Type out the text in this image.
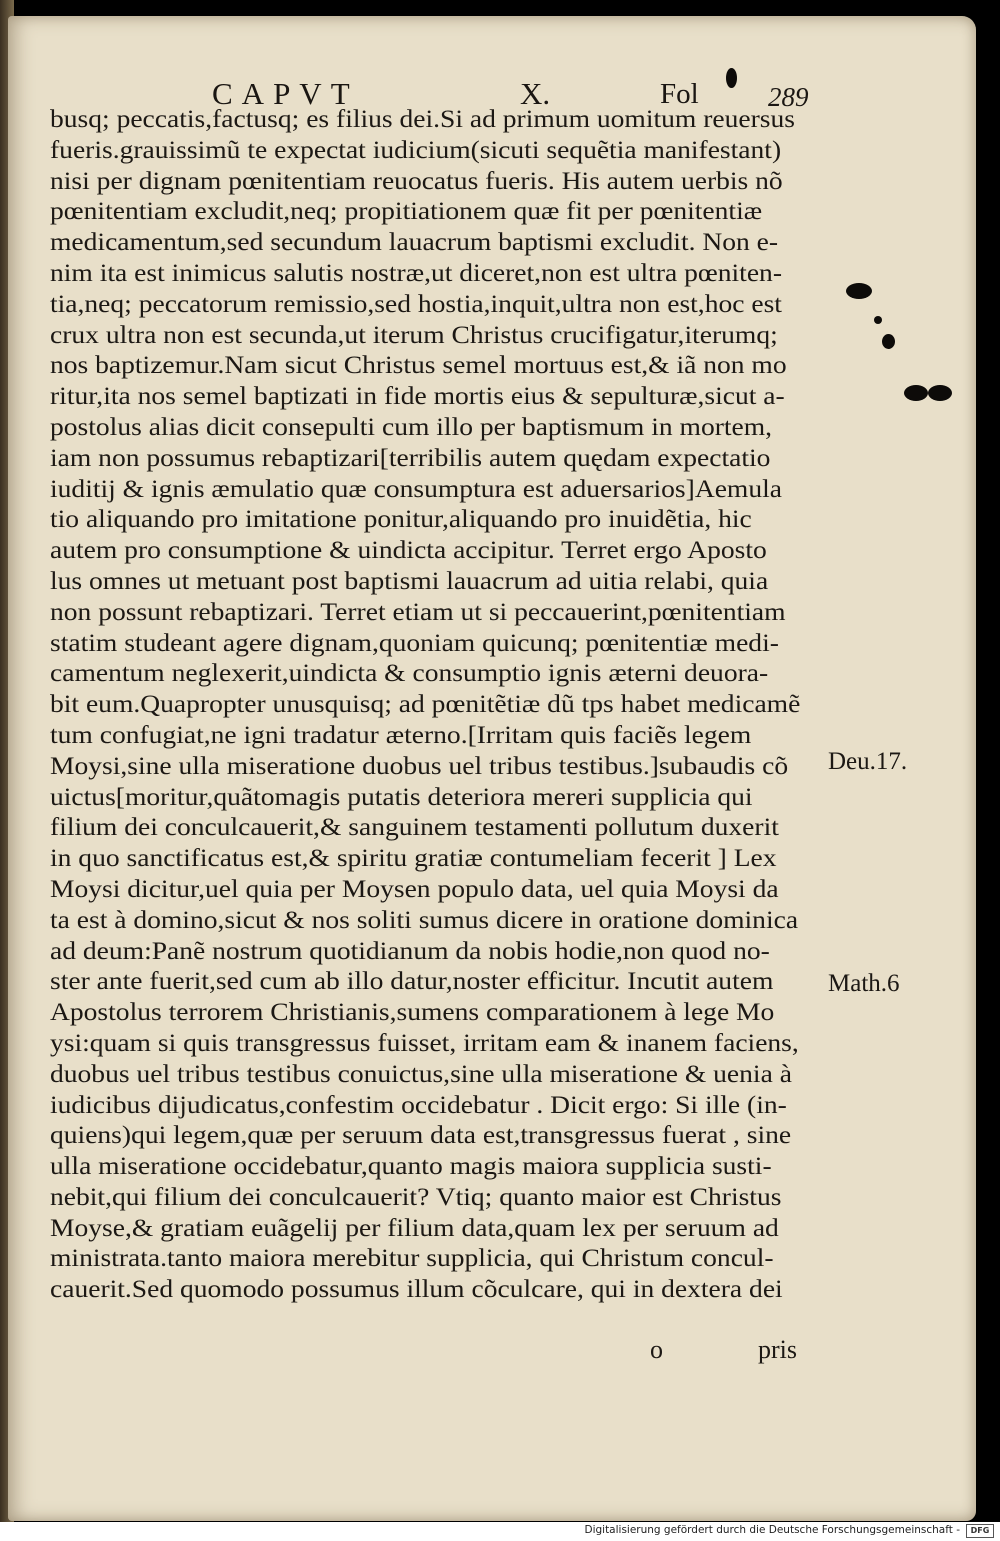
CAPVT	X.	Fol	289
busq; peccatis,factusq; es filius dei.Si ad primum uomitum reuersus
fueris.grauissimũ te expectat iudicium(sicuti sequẽtia manifestant)
nisi per dignam pœnitentiam reuocatus fueris. His autem uerbis nõ
pœnitentiam excludit,neq; propitiationem quæ fit per pœnitentiæ
medicamentum,sed secundum lauacrum baptismi excludit. Non e-
nim ita est inimicus salutis nostræ,ut diceret,non est ultra pœniten-
tia,neq; peccatorum remissio,sed hostia,inquit,ultra non est,hoc est
crux ultra non est secunda,ut iterum Christus crucifigatur,iterumq;
nos baptizemur.Nam sicut Christus semel mortuus est,& iã non mo
ritur,ita nos semel baptizati in fide mortis eius & sepulturæ,sicut a-
postolus alias dicit consepulti cum illo per baptismum in mortem,
iam non possumus rebaptizari[terribilis autem quędam expectatio
iuditij & ignis æmulatio quæ consumptura est aduersarios]Aemula
tio aliquando pro imitatione ponitur,aliquando pro inuidẽtia, hic
autem pro consumptione & uindicta accipitur. Terret ergo Aposto
lus omnes ut metuant post baptismi lauacrum ad uitia relabi, quia
non possunt rebaptizari. Terret etiam ut si peccauerint,pœnitentiam
statim studeant agere dignam,quoniam quicunq; pœnitentiæ medi-
camentum neglexerit,uindicta & consumptio ignis æterni deuora-
bit eum.Quapropter unusquisq; ad pœnitẽtiæ dũ tps habet medicamẽ
tum confugiat,ne igni tradatur æterno.[Irritam quis faciẽs legem
Moysi,sine ulla miseratione duobus uel tribus testibus.]subaudis cõ
uictus[moritur,quãtomagis putatis deteriora mereri supplicia qui
filium dei conculcauerit,& sanguinem testamenti pollutum duxerit
in quo sanctificatus est,& spiritu gratiæ contumeliam fecerit ] Lex
Moysi dicitur,uel quia per Moysen populo data, uel quia Moysi da
ta est à domino,sicut & nos soliti sumus dicere in oratione dominica
ad deum:Panẽ nostrum quotidianum da nobis hodie,non quod no-
ster ante fuerit,sed cum ab illo datur,noster efficitur. Incutit autem
Apostolus terrorem Christianis,sumens comparationem à lege Mo
ysi:quam si quis transgressus fuisset, irritam eam & inanem faciens,
duobus uel tribus testibus conuictus,sine ulla miseratione & uenia à
iudicibus dijudicatus,confestim occidebatur . Dicit ergo: Si ille (in-
quiens)qui legem,quæ per seruum data est,transgressus fuerat , sine
ulla miseratione occidebatur,quanto magis maiora supplicia susti-
nebit,qui filium dei conculcauerit? Vtiq; quanto maior est Christus
Moyse,& gratiam euãgelij per filium data,quam lex per seruum ad
ministrata.tanto maiora merebitur supplicia, qui Christum concul-
cauerit.Sed quomodo possumus illum cõculcare, qui in dextera dei
Deu.17.
Math.6
o	pris
Digitalisierung gefördert durch die Deutsche Forschungsgemeinschaft -	DFG
